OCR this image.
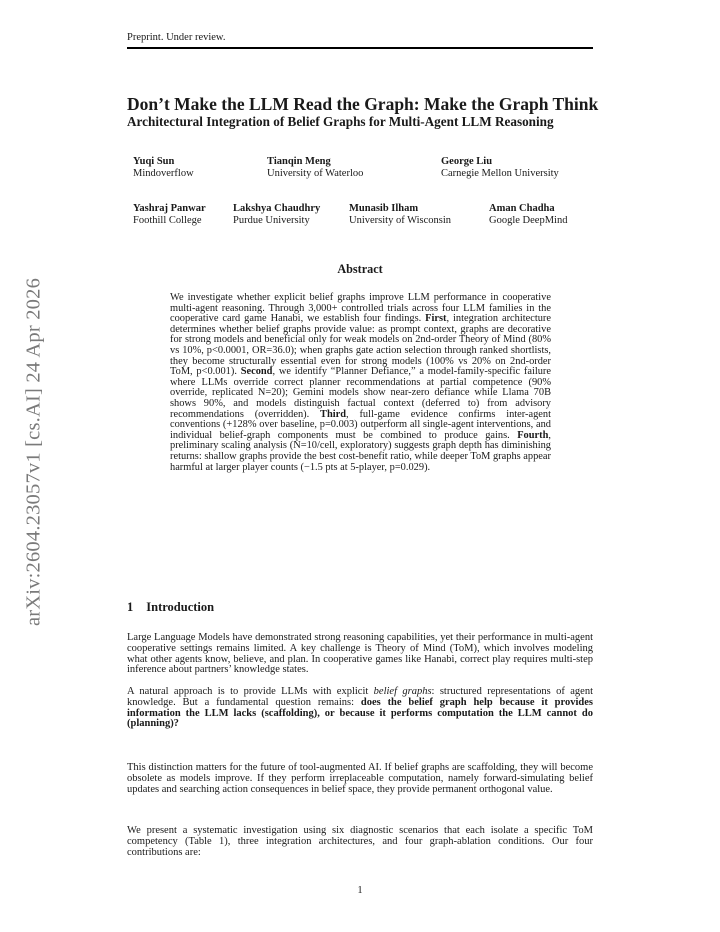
arXiv:2604.23057v1 [cs.AI] 24 Apr 2026
Preprint. Under review.
Don’t Make the LLM Read the Graph: Make the Graph Think
Architectural Integration of Belief Graphs for Multi-Agent LLM Reasoning
Yuqi Sun
Mindoverflow
Tianqin Meng
University of Waterloo
George Liu
Carnegie Mellon University
Yashraj Panwar
Foothill College
Lakshya Chaudhry
Purdue University
Munasib Ilham
University of Wisconsin
Aman Chadha
Google DeepMind
Abstract
We investigate whether explicit belief graphs improve LLM performance in cooperative multi-agent reasoning. Through 3,000+ controlled trials across four LLM families in the cooperative card game Hanabi, we establish four findings. First, integration architecture determines whether belief graphs provide value: as prompt context, graphs are decorative for strong models and beneficial only for weak models on 2nd-order Theory of Mind (80% vs 10%, p<0.0001, OR=36.0); when graphs gate action selection through ranked shortlists, they become structurally essential even for strong models (100% vs 20% on 2nd-order ToM, p<0.001). Second, we identify “Planner Defiance,” a model-family-specific failure where LLMs override correct planner recommendations at partial competence (90% override, replicated N=20); Gemini models show near-zero defiance while Llama 70B shows 90%, and models distinguish factual context (deferred to) from advisory recommendations (overridden). Third, full-game evidence confirms inter-agent conventions (+128% over baseline, p=0.003) outperform all single-agent interventions, and individual belief-graph components must be combined to produce gains. Fourth, preliminary scaling analysis (N=10/cell, exploratory) suggests graph depth has diminishing returns: shallow graphs provide the best cost-benefit ratio, while deeper ToM graphs appear harmful at larger player counts (−1.5 pts at 5-player, p=0.029).
1 Introduction
Large Language Models have demonstrated strong reasoning capabilities, yet their performance in multi-agent cooperative settings remains limited. A key challenge is Theory of Mind (ToM), which involves modeling what other agents know, believe, and plan. In cooperative games like Hanabi, correct play requires multi-step inference about partners’ knowledge states.
A natural approach is to provide LLMs with explicit belief graphs: structured representations of agent knowledge. But a fundamental question remains: does the belief graph help because it provides information the LLM lacks (scaffolding), or because it performs computation the LLM cannot do (planning)?
This distinction matters for the future of tool-augmented AI. If belief graphs are scaffolding, they will become obsolete as models improve. If they perform irreplaceable computation, namely forward-simulating belief updates and searching action consequences in belief space, they provide permanent orthogonal value.
We present a systematic investigation using six diagnostic scenarios that each isolate a specific ToM competency (Table 1), three integration architectures, and four graph-ablation conditions. Our four contributions are:
1
